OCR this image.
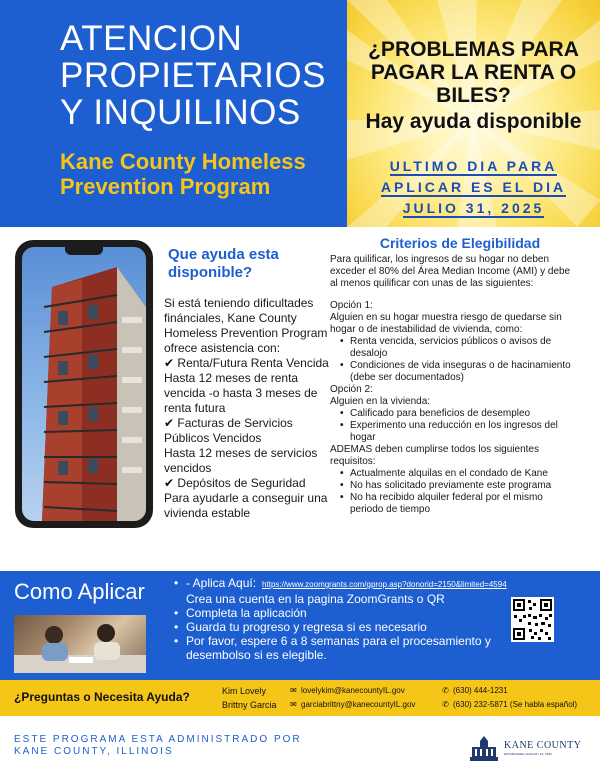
ATENCION
PROPIETARIOS
Y INQUILINOS
Kane County Homeless
Prevention Program
¿PROBLEMAS PARA
PAGAR LA RENTA O
BILES?
Hay ayuda disponible
ULTIMO DIA PARA
APLICAR ES EL DIA
JULIO 31, 2025
Que ayuda esta
disponible?
Si está teniendo dificultades
finánciales, Kane County
Homeless Prevention Program
ofrece asistencia con:
✔ Renta/Futura Renta Vencida
Hasta 12 meses de renta
vencida -o hasta 3 meses de
renta futura
✔ Facturas de Servicios
Públicos Vencidos
Hasta 12 meses de servicios
vencidos
✔ Depósitos de Seguridad
Para ayudarle a conseguir una
vivienda estable
Criterios de Elegibilidad
Para quilificar, los ingresos de su hogar no deben
exceder el 80% del Área Median Income (AMI) y debe
al menos quilificar con unas de las siguientes:
Opción 1:
Alguien en su hogar muestra riesgo de quedarse sin
hogar o de inestabilidad de vivienda, como:
• Renta vencida, servicios públicos o avisos de
desalojo
• Condiciones de vida inseguras o de hacinamiento
(debe ser documentados)
Opción 2:
Alguien en la vivienda:
• Calificado para beneficios de desempleo
• Experimento una reducción en los ingresos del
hogar
ADEMAS deben cumplirse todos los siguientes
requisitos:
• Actualmente alquilas en el condado de Kane
• No has solicitado previamente este programa
• No ha recibido alquiler federal por el mismo
periodo de tiempo
Como Aplicar • - Aplica Aquí: https://www.zoomgrants.com/gprop.asp?donorid=2150&limited=4594
Crea una cuenta en la pagina ZoomGrants o QR
• Completa la aplicación
• Guarda tu progreso y regresa si es necesario
• Por favor, espere 6 a 8 semanas para el procesamiento y
desembolso si es elegible.
¿Preguntas o Necesita Ayuda?	Kim Lovely
Brittny Garcia
✉ lovelykim@kanecountyIL.gov
✉ garciabrittny@kanecountyIL.gov
✆ (630) 444-1231
✆ (630) 232-5871 (Se habla español)
ESTE PROGRAMA ESTA ADMINISTRADO POR
KANE COUNTY, ILLINOIS
KANE COUNTY
ESTABLISHED JANUARY 16, 1836
